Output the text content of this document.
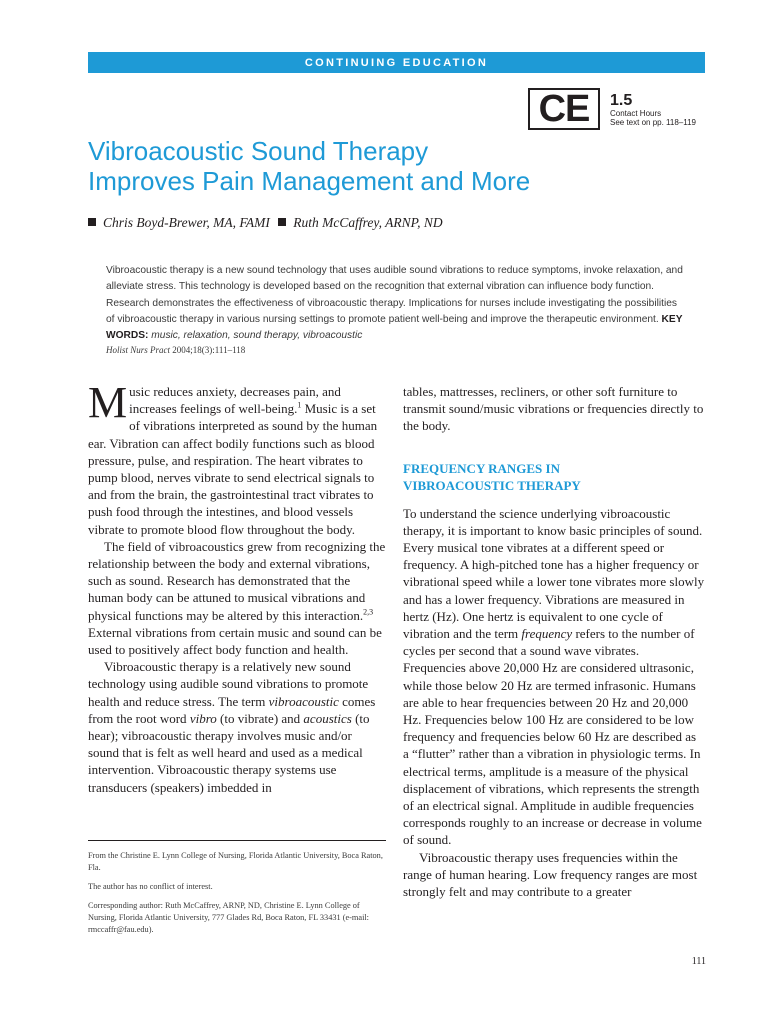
CONTINUING EDUCATION
CE	1.5
Contact Hours
See text on pp. 118–119
Vibroacoustic Sound Therapy
Improves Pain Management and More
Chris Boyd-Brewer, MA, FAMI Ruth McCaffrey, ARNP, ND
Vibroacoustic therapy is a new sound technology that uses audible sound vibrations to reduce symptoms, invoke relaxation, and alleviate stress. This technology is developed based on the recognition that external vibration can influence body function. Research demonstrates the effectiveness of vibroacoustic therapy. Implications for nurses include investigating the possibilities of vibroacoustic therapy in various nursing settings to promote patient well-being and improve the therapeutic environment. KEY WORDS: music, relaxation, sound therapy, vibroacoustic
Holist Nurs Pract 2004;18(3):111–118

Music reduces anxiety, decreases pain, and increases feelings of well-being.$^1$ Music is a set of vibrations interpreted as sound by the human ear. Vibration can affect bodily functions such as blood pressure, pulse, and respiration. The heart vibrates to pump blood, nerves vibrate to send electrical signals to and from the brain, the gastrointestinal tract vibrates to push food through the intestines, and blood vessels vibrate to promote blood flow throughout the body.

The field of vibroacoustics grew from recognizing the relationship between the body and external vibrations, such as sound. Research has demonstrated that the human body can be attuned to musical vibrations and physical functions may be altered by this interaction.$^{2,3}$ External vibrations from certain music and sound can be used to positively affect body function and health.

Vibroacoustic therapy is a relatively new sound technology using audible sound vibrations to promote health and reduce stress. The term vibroacoustic comes from the root word vibro (to vibrate) and acoustics (to hear); vibroacoustic therapy involves music and/or sound that is felt as well heard and used as a medical intervention. Vibroacoustic therapy systems use transducers (speakers) imbedded in

tables, mattresses, recliners, or other soft furniture to transmit sound/music vibrations or frequencies directly to the body.

FREQUENCY RANGES IN
VIBROACOUSTIC THERAPY

To understand the science underlying vibroacoustic therapy, it is important to know basic principles of sound. Every musical tone vibrates at a different speed or frequency. A high-pitched tone has a higher frequency or vibrational speed while a lower tone vibrates more slowly and has a lower frequency. Vibrations are measured in hertz (Hz). One hertz is equivalent to one cycle of vibration and the term frequency refers to the number of cycles per second that a sound wave vibrates. Frequencies above 20,000 Hz are considered ultrasonic, while those below 20 Hz are termed infrasonic. Humans are able to hear frequencies between 20 Hz and 20,000 Hz. Frequencies below 100 Hz are considered to be low frequency and frequencies below 60 Hz are described as a “flutter” rather than a vibration in physiologic terms. In electrical terms, amplitude is a measure of the physical displacement of vibrations, which represents the strength of an electrical signal. Amplitude in audible frequencies corresponds roughly to an increase or decrease in volume of sound.

Vibroacoustic therapy uses frequencies within the range of human hearing. Low frequency ranges are most strongly felt and may contribute to a greater

From the Christine E. Lynn College of Nursing, Florida Atlantic University, Boca Raton, Fla.

The author has no conflict of interest.

Corresponding author: Ruth McCaffrey, ARNP, ND, Christine E. Lynn College of Nursing, Florida Atlantic University, 777 Glades Rd, Boca Raton, FL 33431 (e-mail: rmccaffr@fau.edu).

111
